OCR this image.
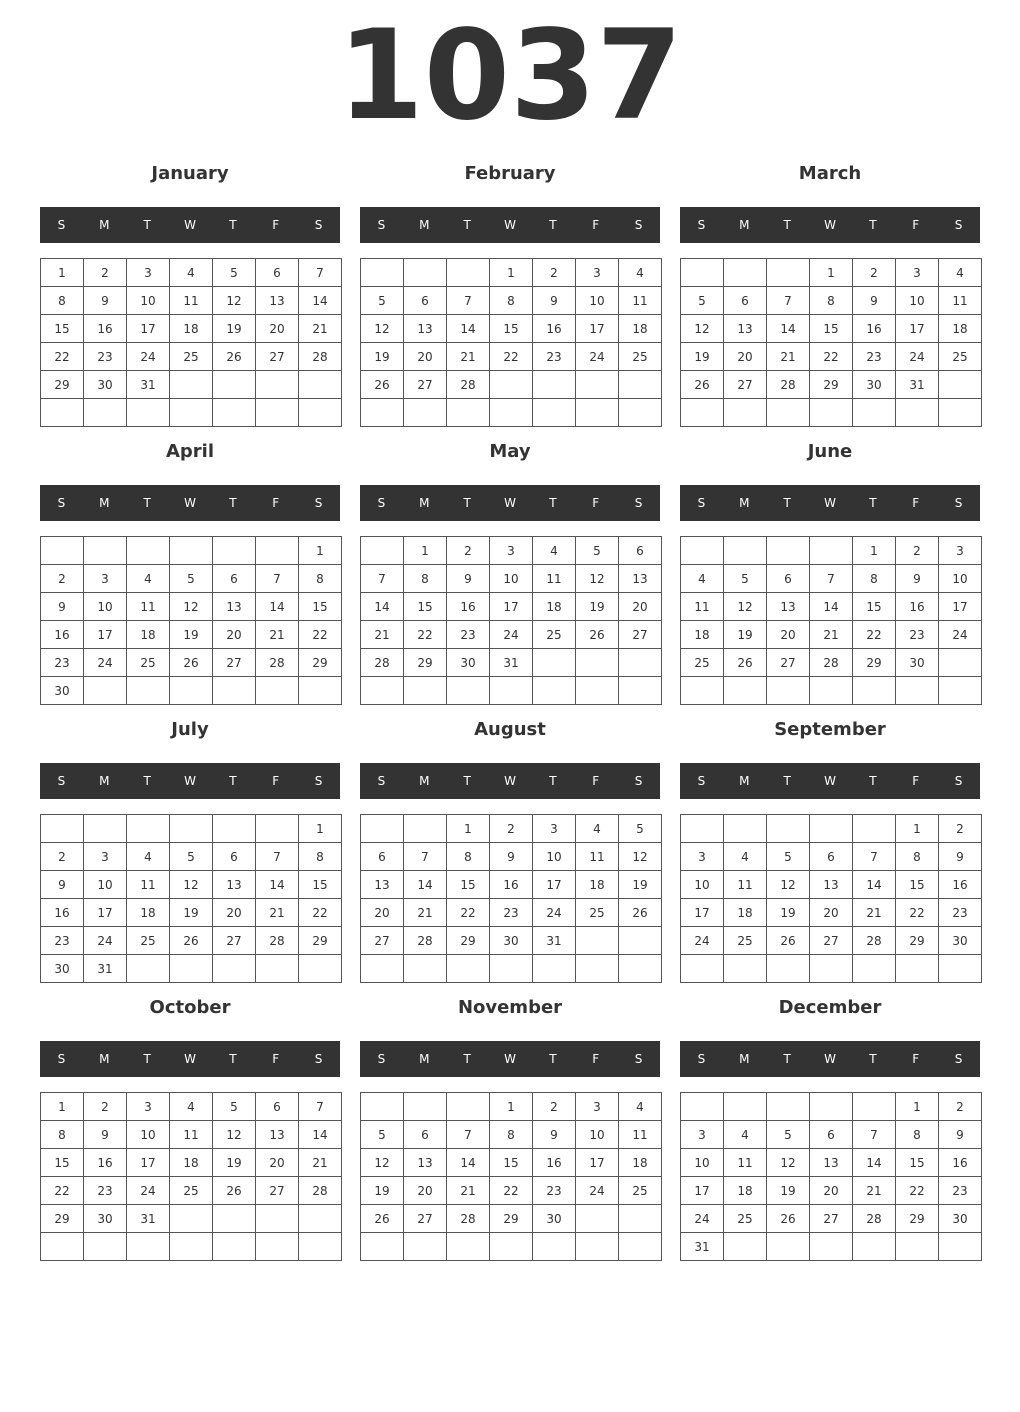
1037
January
S	M	T	W	T	F	S
1	2	3	4	5	6	7
8	9	10	11	12	13	14
15	16	17	18	19	20	21
22	23	24	25	26	27	28
29	30	31				

February
S	M	T	W	T	F	S
			1	2	3	4
5	6	7	8	9	10	11
12	13	14	15	16	17	18
19	20	21	22	23	24	25
26	27	28				

March
S	M	T	W	T	F	S
			1	2	3	4
5	6	7	8	9	10	11
12	13	14	15	16	17	18
19	20	21	22	23	24	25
26	27	28	29	30	31	

April
S	M	T	W	T	F	S
						1
2	3	4	5	6	7	8
9	10	11	12	13	14	15
16	17	18	19	20	21	22
23	24	25	26	27	28	29
30						
May
S	M	T	W	T	F	S
	1	2	3	4	5	6
7	8	9	10	11	12	13
14	15	16	17	18	19	20
21	22	23	24	25	26	27
28	29	30	31			

June
S	M	T	W	T	F	S
				1	2	3
4	5	6	7	8	9	10
11	12	13	14	15	16	17
18	19	20	21	22	23	24
25	26	27	28	29	30	

July
S	M	T	W	T	F	S
						1
2	3	4	5	6	7	8
9	10	11	12	13	14	15
16	17	18	19	20	21	22
23	24	25	26	27	28	29
30	31					
August
S	M	T	W	T	F	S
		1	2	3	4	5
6	7	8	9	10	11	12
13	14	15	16	17	18	19
20	21	22	23	24	25	26
27	28	29	30	31		

September
S	M	T	W	T	F	S
					1	2
3	4	5	6	7	8	9
10	11	12	13	14	15	16
17	18	19	20	21	22	23
24	25	26	27	28	29	30

October
S	M	T	W	T	F	S
1	2	3	4	5	6	7
8	9	10	11	12	13	14
15	16	17	18	19	20	21
22	23	24	25	26	27	28
29	30	31				

November
S	M	T	W	T	F	S
			1	2	3	4
5	6	7	8	9	10	11
12	13	14	15	16	17	18
19	20	21	22	23	24	25
26	27	28	29	30		

December
S	M	T	W	T	F	S
					1	2
3	4	5	6	7	8	9
10	11	12	13	14	15	16
17	18	19	20	21	22	23
24	25	26	27	28	29	30
31						
